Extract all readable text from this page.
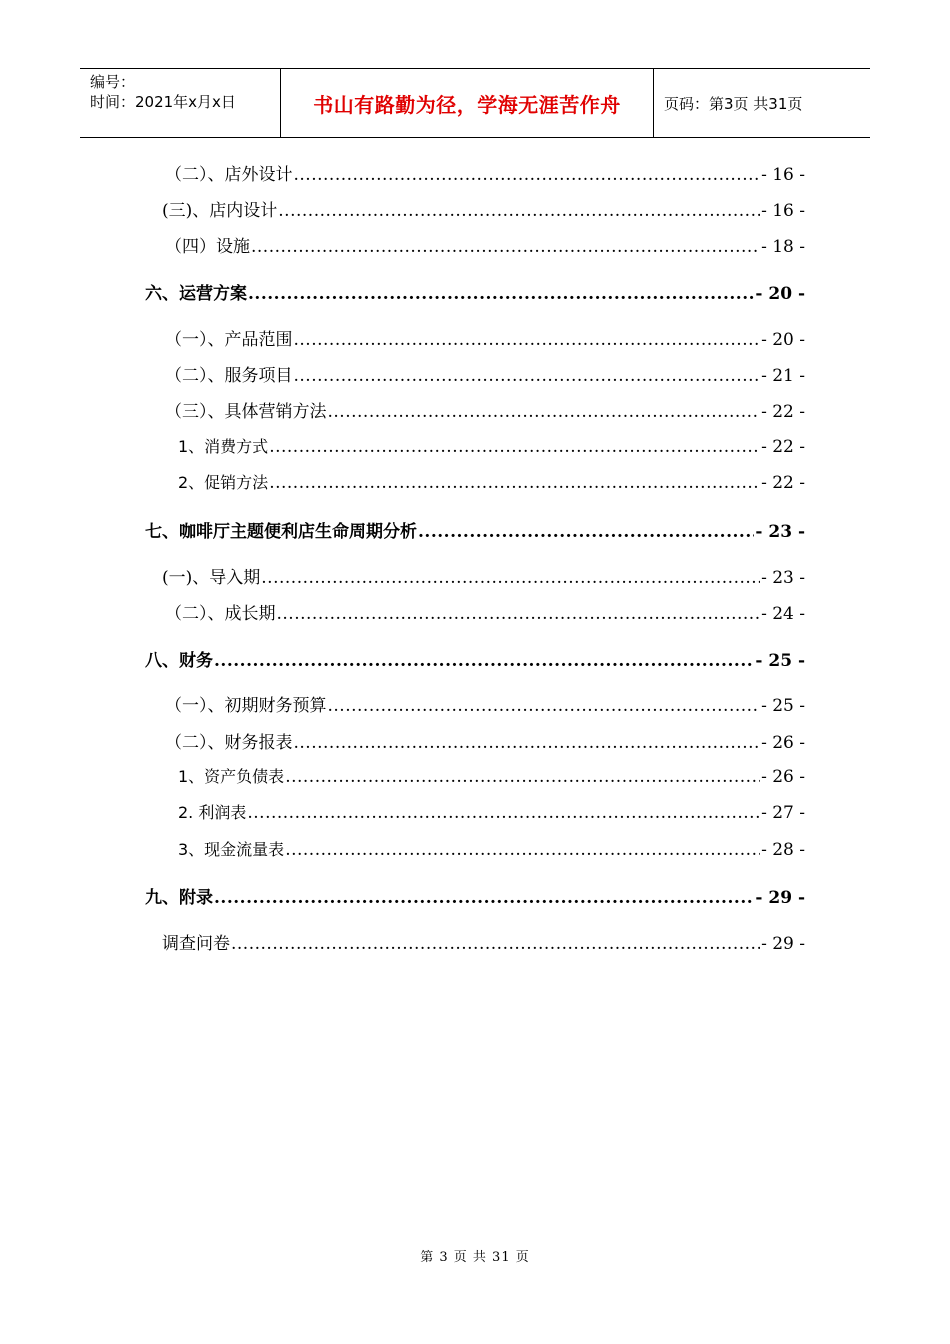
编号：
时间：2021年x月x日	书山有路勤为径，学海无涯苦作舟	页码：第3页 共31页
（二）、店外设计 .....	- 16 -
(三)、店内设计 .....	- 16 -
（四）设施 .....	- 18 -
六、运营方案 .....	- 20 -
（一）、产品范围 .....	- 20 -
（二）、服务项目 .....	- 21 -
（三）、具体营销方法 .....	- 22 -
1、消费方式 .....	- 22 -
2、促销方法 .....	- 22 -
七、咖啡厅主题便利店生命周期分析 .....	- 23 -
(一)、导入期 .....	- 23 -
（二）、成长期 .....	- 24 -
八、财务 .....	- 25 -
（一）、初期财务预算 .....	- 25 -
（二）、财务报表 .....	- 26 -
1、资产负债表 .....	- 26 -
2. 利润表 .....	- 27 -
3、现金流量表 .....	- 28 -
九、附录 .....	- 29 -
调查问卷 .....	- 29 -
第 3 页 共 31 页
